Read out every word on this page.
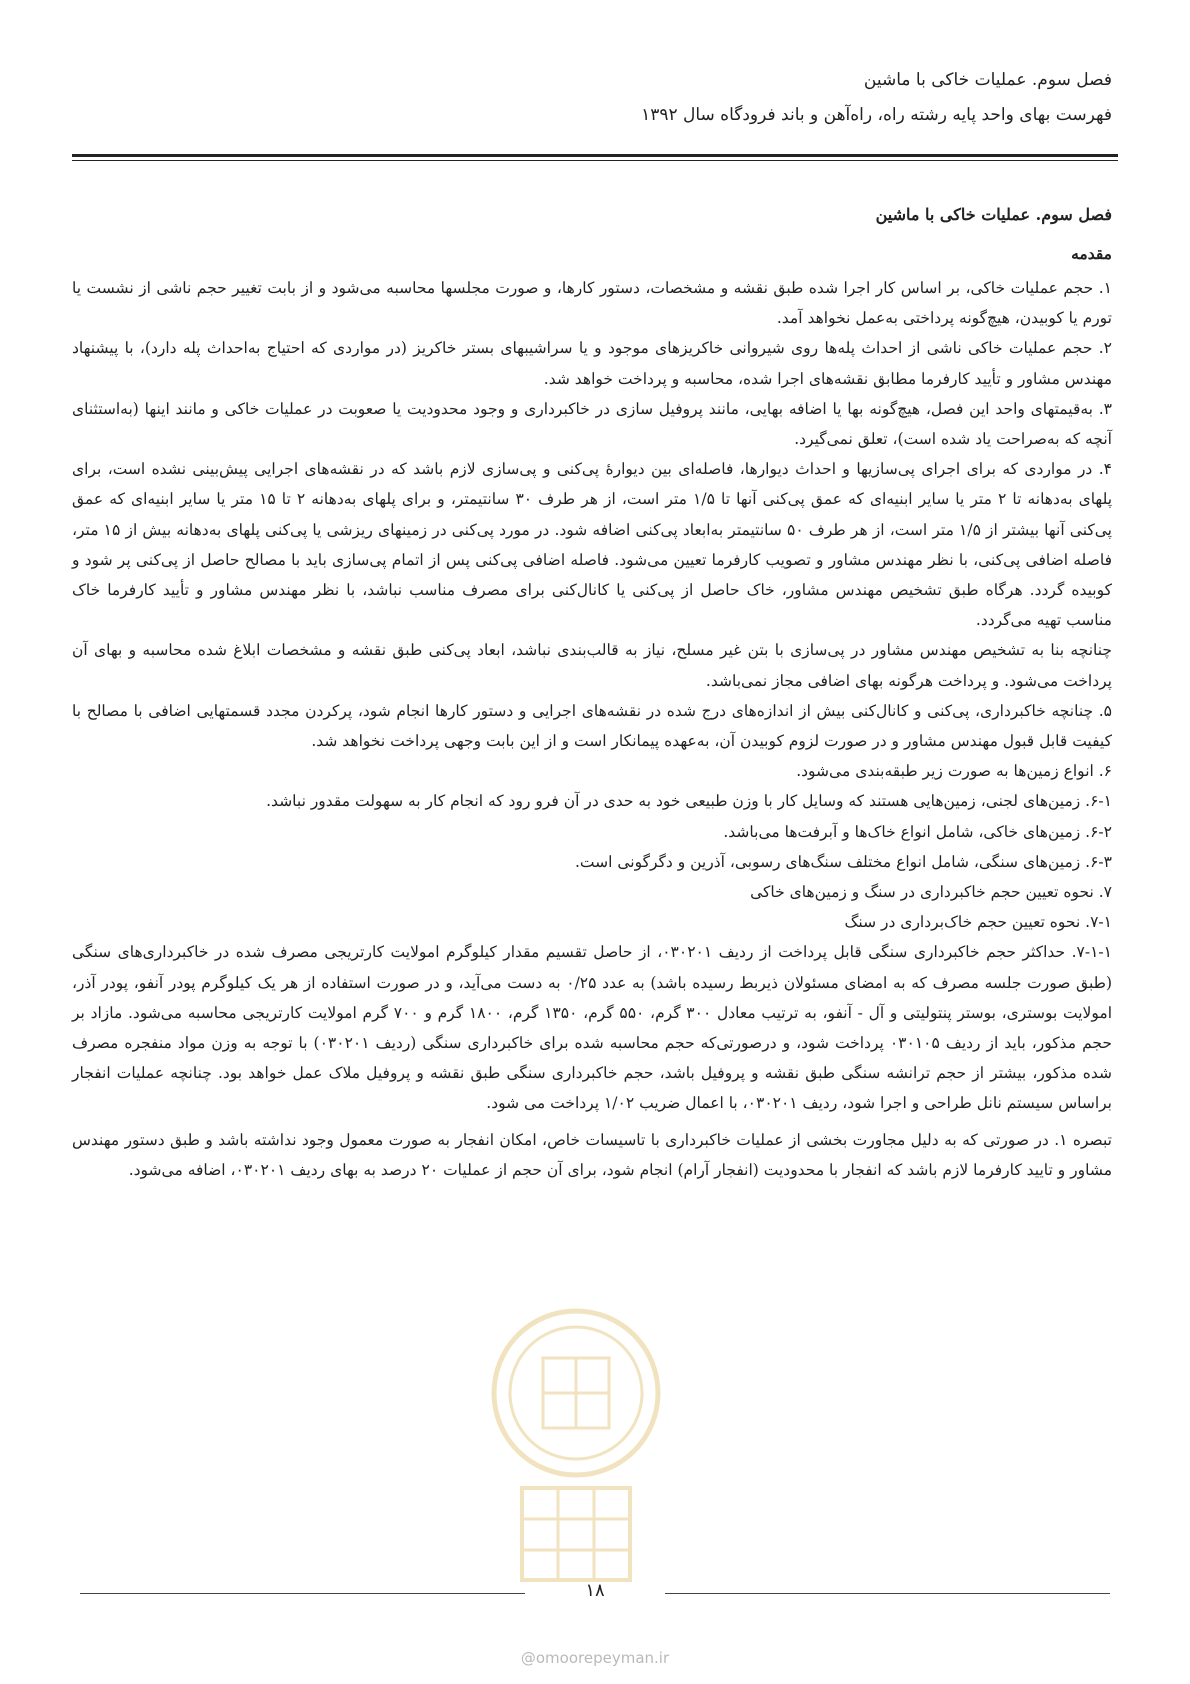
فصل سوم. عملیات خاکی با ماشین
فهرست بهای واحد پایه رشته راه، راه‌آهن و باند فرودگاه سال ۱۳۹۲
فصل سوم. عملیات خاکی با ماشین
مقدمه

۱. حجم عملیات خاکی، بر اساس کار اجرا شده طبق نقشه و مشخصات، دستور کارها، و صورت مجلسها محاسبه می‌شود و از بابت تغییر حجم ناشی از نشست یا تورم یا کوبیدن، هیچ‌گونه پرداختی به‌عمل نخواهد آمد.

۲. حجم عملیات خاکی ناشی از احداث پله‌ها روی شیروانی خاکریزهای موجود و یا سراشیبهای بستر خاکریز (در مواردی که احتیاج به‌احداث پله دارد)، با پیشنهاد مهندس مشاور و تأیید کارفرما مطابق نقشه‌های اجرا شده، محاسبه و پرداخت خواهد شد.

۳. به‌قیمتهای واحد این فصل، هیچ‌گونه بها یا اضافه بهایی، مانند پروفیل سازی در خاکبرداری و وجود محدودیت یا صعوبت در عملیات خاکی و مانند اینها (به‌استثنای آنچه که به‌صراحت یاد شده است)، تعلق نمی‌گیرد.

۴. در مواردی که برای اجرای پی‌سازیها و احداث دیوارها، فاصله‌ای بین دیوارهٔ پی‌کنی و پی‌سازی لازم باشد که در نقشه‌های اجرایی پیش‌بینی نشده است، برای پلهای به‌دهانه تا ۲ متر یا سایر ابنیه‌ای که عمق پی‌کنی آنها تا ۱/۵ متر است، از هر طرف ۳۰ سانتیمتر، و برای پلهای به‌دهانه ۲ تا ۱۵ متر یا سایر ابنیه‌ای که عمق پی‌کنی آنها بیشتر از ۱/۵ متر است، از هر طرف ۵۰ سانتیمتر به‌ابعاد پی‌کنی اضافه شود. در مورد پی‌کنی در زمینهای ریزشی یا پی‌کنی پلهای به‌دهانه بیش از ۱۵ متر، فاصله اضافی پی‌کنی، با نظر مهندس مشاور و تصویب کارفرما تعیین می‌شود. فاصله اضافی پی‌کنی پس از اتمام پی‌سازی باید با مصالح حاصل از پی‌کنی پر شود و کوبیده گردد. هرگاه طبق تشخیص مهندس مشاور، خاک حاصل از پی‌کنی یا کانال‌کنی برای مصرف مناسب نباشد، با نظر مهندس مشاور و تأیید کارفرما خاک مناسب تهیه می‌گردد.

چنانچه بنا به تشخیص مهندس مشاور در پی‌سازی با بتن غیر مسلح، نیاز به قالب‌بندی نباشد، ابعاد پی‌کنی طبق نقشه و مشخصات ابلاغ شده محاسبه و بهای آن پرداخت می‌شود. و پرداخت هرگونه بهای اضافی مجاز نمی‌باشد.

۵. چنانچه خاکبرداری، پی‌کنی و کانال‌کنی بیش از اندازه‌های درج شده در نقشه‌های اجرایی و دستور کارها انجام شود، پرکردن مجدد قسمتهایی اضافی با مصالح با کیفیت قابل قبول مهندس مشاور و در صورت لزوم کوبیدن آن، به‌عهده پیمانکار است و از این بابت وجهی پرداخت نخواهد شد.

۶. انواع زمین‌ها به صورت زیر طبقه‌بندی می‌شود.

۶-۱. زمین‌های لجنی، زمین‌هایی هستند که وسایل کار با وزن طبیعی خود به حدی در آن فرو رود که انجام کار به سهولت مقدور نباشد.

۶-۲. زمین‌های خاکی، شامل انواع خاک‌ها و آبرفت‌ها می‌باشد.

۶-۳. زمین‌های سنگی، شامل انواع مختلف سنگ‌های رسوبی، آذرین و دگرگونی است.

۷. نحوه تعیین حجم خاکبرداری در سنگ و زمین‌های خاکی

۷-۱. نحوه تعیین حجم خاک‌برداری در سنگ

۷-۱-۱. حداکثر حجم خاکبرداری سنگی قابل پرداخت از ردیف ۰۳۰۲۰۱، از حاصل تقسیم مقدار کیلوگرم امولایت کارتریجی مصرف شده در خاکبرداری‌های سنگی (طبق صورت جلسه مصرف که به امضای مسئولان ذیربط رسیده باشد) به عدد ۰/۲۵ به دست می‌آید، و در صورت استفاده از هر یک کیلوگرم پودر آنفو، پودر آذر، امولایت بوستری، بوستر پنتولیتی و آل - آنفو، به ترتیب معادل ۳۰۰ گرم، ۵۵۰ گرم، ۱۳۵۰ گرم، ۱۸۰۰ گرم و ۷۰۰ گرم امولایت کارتریجی محاسبه می‌شود. مازاد بر حجم مذکور، باید از ردیف ۰۳۰۱۰۵ پرداخت شود، و درصورتی‌که حجم محاسبه شده برای خاکبرداری سنگی (ردیف ۰۳۰۲۰۱) با توجه به وزن مواد منفجره مصرف شده مذکور، بیشتر از حجم ترانشه سنگی طبق نقشه و پروفیل باشد، حجم خاکبرداری سنگی طبق نقشه و پروفیل ملاک عمل خواهد بود. چنانچه عملیات انفجار براساس سیستم نانل طراحی و اجرا شود، ردیف ۰۳۰۲۰۱، با اعمال ضریب ۱/۰۲ پرداخت می شود.

تبصره ۱. در صورتی که به دلیل مجاورت بخشی از عملیات خاکبرداری با تاسیسات خاص، امکان انفجار به صورت معمول وجود نداشته باشد و طبق دستور مهندس مشاور و تایید کارفرما لازم باشد که انفجار با محدودیت (انفجار آرام) انجام شود، برای آن حجم از عملیات ۲۰ درصد به بهای ردیف ۰۳۰۲۰۱، اضافه می‌شود.

۱۸
@omoorepeyman.ir
